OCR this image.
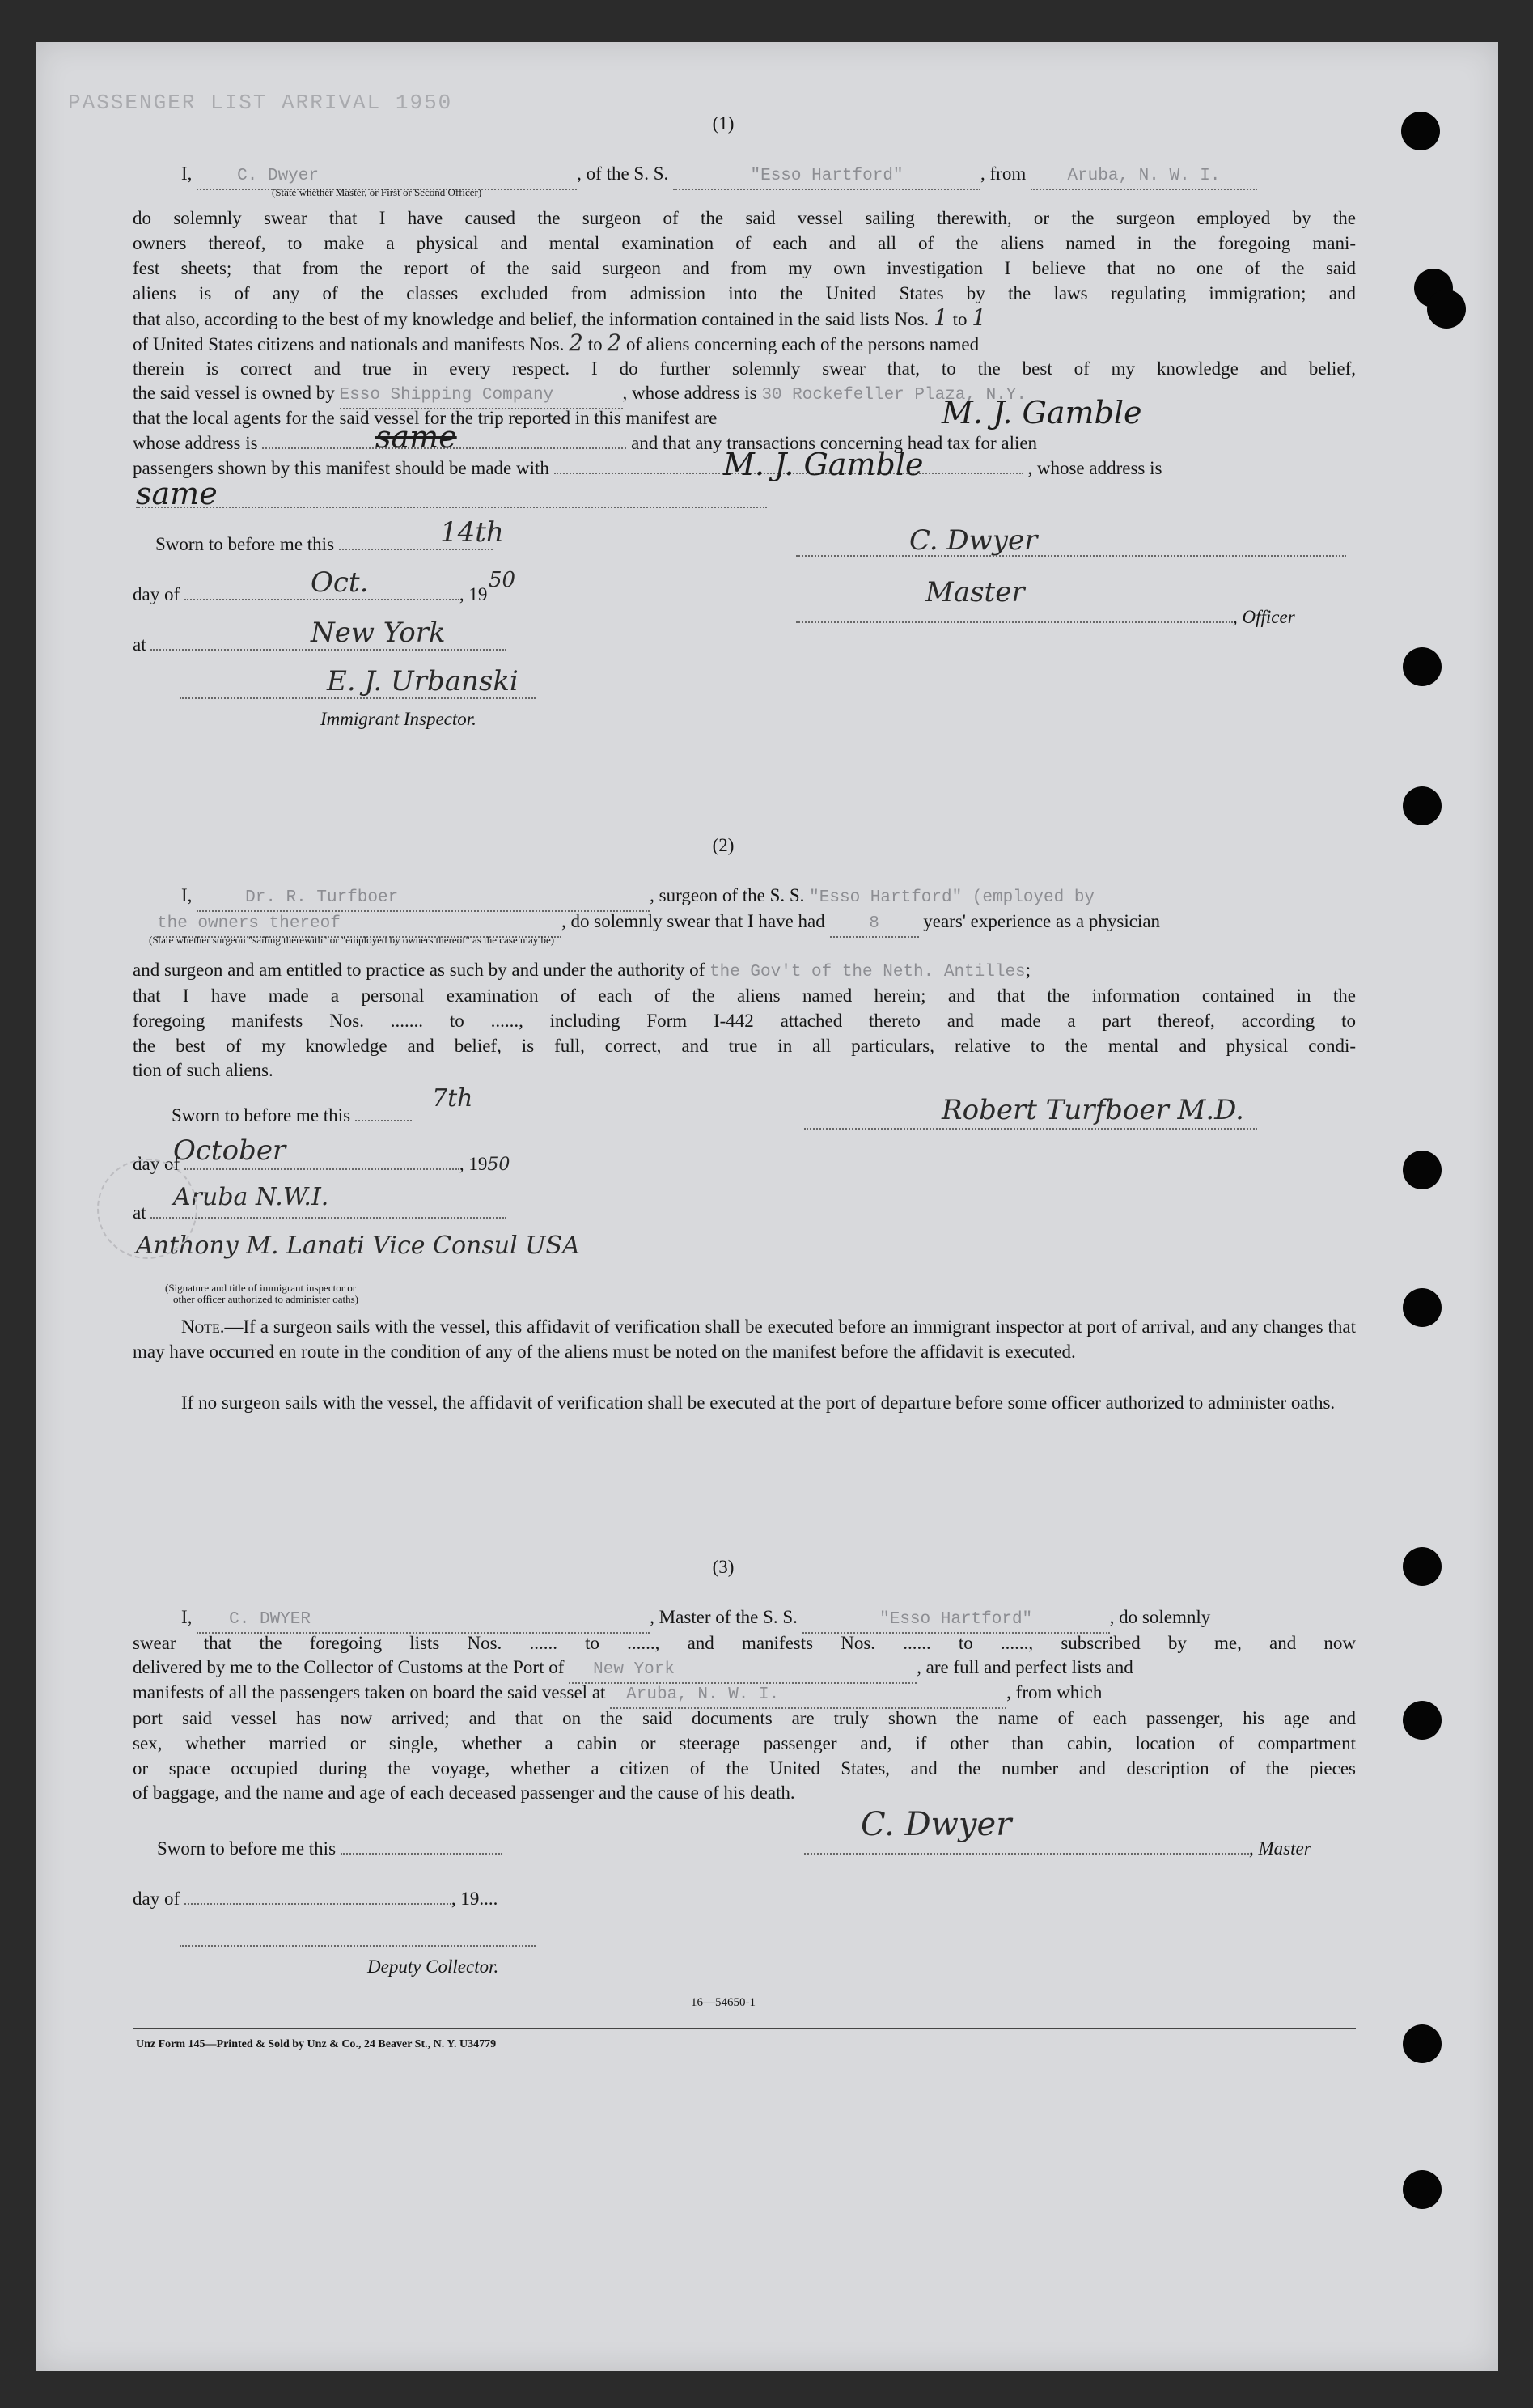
PASSENGER LIST ARRIVAL 1950
(1)
I,	C. Dwyer	, of the S. S.	"Esso Hartford"	, from Aruba, N. W. I.
(State whether Master, or First or Second Officer)
do solemnly swear that I have caused the surgeon of the said vessel sailing therewith, or the surgeon employed by the
owners thereof, to make a physical and mental examination of each and all of the aliens named in the foregoing mani-
fest sheets; that from the report of the said surgeon and from my own investigation I believe that no one of the said
aliens is of any of the classes excluded from admission into the United States by the laws regulating immigration; and
that also, according to the best of my knowledge and belief, the information contained in the said lists Nos. 1 to 1
of United States citizens and nationals and manifests Nos. 2 to 2 of aliens concerning each of the persons named
therein is correct and true in every respect. I do further solemnly swear that, to the best of my knowledge and belief,
the said vessel is owned by Esso Shipping Company	, whose address is 30 Rockefeller Plaza, N.Y.
that the local agents for the said vessel for the trip reported in this manifest are	M. J. Gamble
whose address is	and that any transactions concerning head tax for alien
same
passengers shown by this manifest should be made with	, whose address is
M. J. Gamble
same
Sworn to before me this	14th
day of	, 19
Oct.	50
at	New York
E. J. Urbanski
Immigrant Inspector.
C. Dwyer
Master
, Officer
(2)
I,	Dr. R. Turfboer	, surgeon of the S. S. "Esso Hartford" (employed by
the owners thereof	, do solemnly swear that I have had	8 years' experience as a physician
(State whether surgeon "sailing therewith" or "employed by owners thereof" as the case may be)
and surgeon and am entitled to practice as such by and under the authority of the Gov't of the Neth. Antilles;
that I have made a personal examination of each of the aliens named herein; and that the information contained in the
foregoing manifests Nos. ....... to ......, including Form I-442 attached thereto and made a part thereof, according to
the best of my knowledge and belief, is full, correct, and true in all particulars, relative to the mental and physical condi-
tion of such aliens.
Sworn to before me this
7th
day of	, 1950
October
at
Aruba N.W.I.
Anthony M. Lanati Vice Consul USA
(Signature and title of immigrant inspector or
other officer authorized to administer oaths)
Robert Turfboer M.D.
Note.—If a surgeon sails with the vessel, this affidavit of verification shall be executed before an immigrant inspector at port of arrival, and any changes that may have occurred en route in the condition of any of the aliens must be noted on the manifest before the affidavit is executed.
If no surgeon sails with the vessel, the affidavit of verification shall be executed at the port of departure before some officer authorized to administer oaths.
(3)
I, C. DWYER	, Master of the S. S.	"Esso Hartford"	, do solemnly
swear that the foregoing lists Nos. ...... to ......, and manifests Nos. ...... to ......, subscribed by me, and now
delivered by me to the Collector of Customs at the Port of New York	, are full and perfect lists and
manifests of all the passengers taken on board the said vessel at Aruba, N. W. I.	, from which
port said vessel has now arrived; and that on the said documents are truly shown the name of each passenger, his age and
sex, whether married or single, whether a cabin or steerage passenger and, if other than cabin, location of compartment
or space occupied during the voyage, whether a citizen of the United States, and the number and description of the pieces
of baggage, and the name and age of each deceased passenger and the cause of his death.
Sworn to before me this
day of	, 19....
Deputy Collector.
C. Dwyer
, Master
16—54650-1
Unz Form 145—Printed & Sold by Unz & Co., 24 Beaver St., N. Y. U34779
